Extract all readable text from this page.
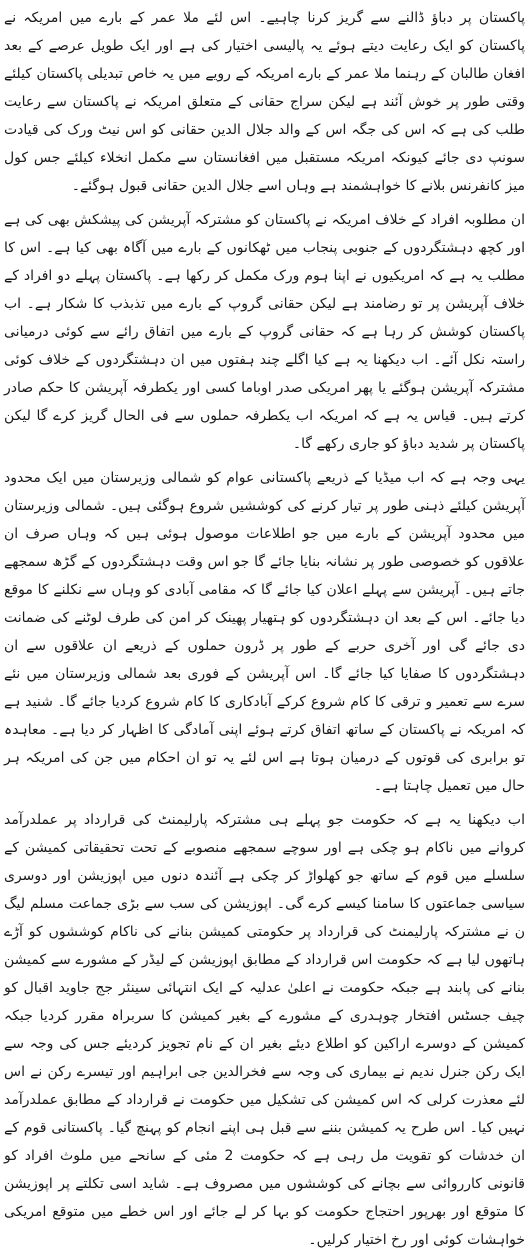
پاکستان پر دباؤ ڈالنے سے گریز کرنا چاہیے۔ اس لئے ملا عمر کے بارے میں امریکہ نے پاکستان کو ایک رعایت دیتے ہوئے یہ پالیسی اختیار کی ہے اور ایک طویل عرصے کے بعد افغان طالبان کے رہنما ملا عمر کے بارے امریکہ کے رویے میں یہ خاص تبدیلی پاکستان کیلئے وقتی طور پر خوش آئند ہے لیکن سراج حقانی کے متعلق امریکہ نے پاکستان سے رعایت طلب کی ہے کہ اس کی جگہ اس کے والد جلال الدین حقانی کو اس نیٹ ورک کی قیادت سونپ دی جائے کیونکہ امریکہ مستقبل میں افغانستان سے مکمل انخلاء کیلئے جس کول میز کانفرنس بلانے کا خواہشمند ہے وہاں اسے جلال الدین حقانی قبول ہوگئے۔

ان مطلوبہ افراد کے خلاف امریکہ نے پاکستان کو مشترکہ آپریشن کی پیشکش بھی کی ہے اور کچھ دہشتگردوں کے جنوبی پنجاب میں ٹھکانوں کے بارے میں آگاہ بھی کیا ہے۔ اس کا مطلب یہ ہے کہ امریکیوں نے اپنا ہوم ورک مکمل کر رکھا ہے۔ پاکستان پہلے دو افراد کے خلاف آپریشن پر تو رضامند ہے لیکن حقانی گروپ کے بارے میں تذبذب کا شکار ہے۔ اب پاکستان کوشش کر رہا ہے کہ حقانی گروپ کے بارے میں اتفاق رائے سے کوئی درمیانی راستہ نکل آئے۔ اب دیکھنا یہ ہے کیا اگلے چند ہفتوں میں ان دہشتگردوں کے خلاف کوئی مشترکہ آپریشن ہوگئے یا پھر امریکی صدر اوباما کسی اور یکطرفہ آپریشن کا حکم صادر کرتے ہیں۔ قیاس یہ ہے کہ امریکہ اب یکطرفہ حملوں سے فی الحال گریز کرے گا لیکن پاکستان پر شدید دباؤ کو جاری رکھے گا۔

یہی وجہ ہے کہ اب میڈیا کے ذریعے پاکستانی عوام کو شمالی وزیرستان میں ایک محدود آپریشن کیلئے ذہنی طور پر تیار کرنے کی کوششیں شروع ہوگئی ہیں۔ شمالی وزیرستان میں محدود آپریشن کے بارے میں جو اطلاعات موصول ہوئی ہیں کہ وہاں صرف ان علاقوں کو خصوصی طور پر نشانہ بنایا جائے گا جو اس وقت دہشتگردوں کے گڑھ سمجھے جاتے ہیں۔ آپریشن سے پہلے اعلان کیا جائے گا کہ مقامی آبادی کو وہاں سے نکلنے کا موقع دیا جائے۔ اس کے بعد ان دہشتگردوں کو ہتھیار پھینک کر امن کی طرف لوٹنے کی ضمانت دی جائے گی اور آخری حربے کے طور پر ڈرون حملوں کے ذریعے ان علاقوں سے ان دہشتگردوں کا صفایا کیا جائے گا۔ اس آپریشن کے فوری بعد شمالی وزیرستان میں نئے سرے سے تعمیر و ترقی کا کام شروع کرکے آبادکاری کا کام شروع کردیا جائے گا۔ شنید ہے کہ امریکہ نے پاکستان کے ساتھ اتفاق کرتے ہوئے اپنی آمادگی کا اظہار کر دیا ہے۔ معاہدہ تو برابری کی قوتوں کے درمیان ہوتا ہے اس لئے یہ تو ان احکام میں جن کی امریکہ ہر حال میں تعمیل چاہتا ہے۔

اب دیکھنا یہ ہے کہ حکومت جو پہلے ہی مشترکہ پارلیمنٹ کی قرارداد پر عملدرآمد کروانے میں ناکام ہو چکی ہے اور سوچے سمجھے منصوبے کے تحت تحقیقاتی کمیشن کے سلسلے میں قوم کے ساتھ جو کھلواڑ کر چکی ہے آئندہ دنوں میں اپوزیشن اور دوسری سیاسی جماعتوں کا سامنا کیسے کرے گی۔ اپوزیشن کی سب سے بڑی جماعت مسلم لیگ ن نے مشترکہ پارلیمنٹ کی قرارداد پر حکومتی کمیشن بنانے کی ناکام کوششوں کو آڑے ہاتھوں لیا ہے کہ حکومت اس قرارداد کے مطابق اپوزیشن کے لیڈر کے مشورے سے کمیشن بنانے کی پابند ہے جبکہ حکومت نے اعلیٰ عدلیہ کے ایک انتہائی سینئر جج جاوید اقبال کو چیف جسٹس افتخار چوہدری کے مشورے کے بغیر کمیشن کا سربراہ مقرر کردیا جبکہ کمیشن کے دوسرے اراکین کو اطلاع دیئے بغیر ان کے نام تجویز کردیئے جس کی وجہ سے ایک رکن جنرل ندیم نے بیماری کی وجہ سے فخرالدین جی ابراہیم اور تیسرے رکن نے اس لئے معذرت کرلی کہ اس کمیشن کی تشکیل میں حکومت نے قرارداد کے مطابق عملدرآمد نہیں کیا۔ اس طرح یہ کمیشن بننے سے قبل ہی اپنے انجام کو پہنچ گیا۔ پاکستانی قوم کے ان خدشات کو تقویت مل رہی ہے کہ حکومت 2 مئی کے سانحے میں ملوث افراد کو قانونی کارروائی سے بچانے کی کوششوں میں مصروف ہے۔ شاید اسی تکلتے پر اپوزیشن کا متوقع اور بھرپور احتجاج حکومت کو بہا کر لے جائے اور اس خطے میں متوقع امریکی خواہشات کوئی اور رخ اختیار کرلیں۔
